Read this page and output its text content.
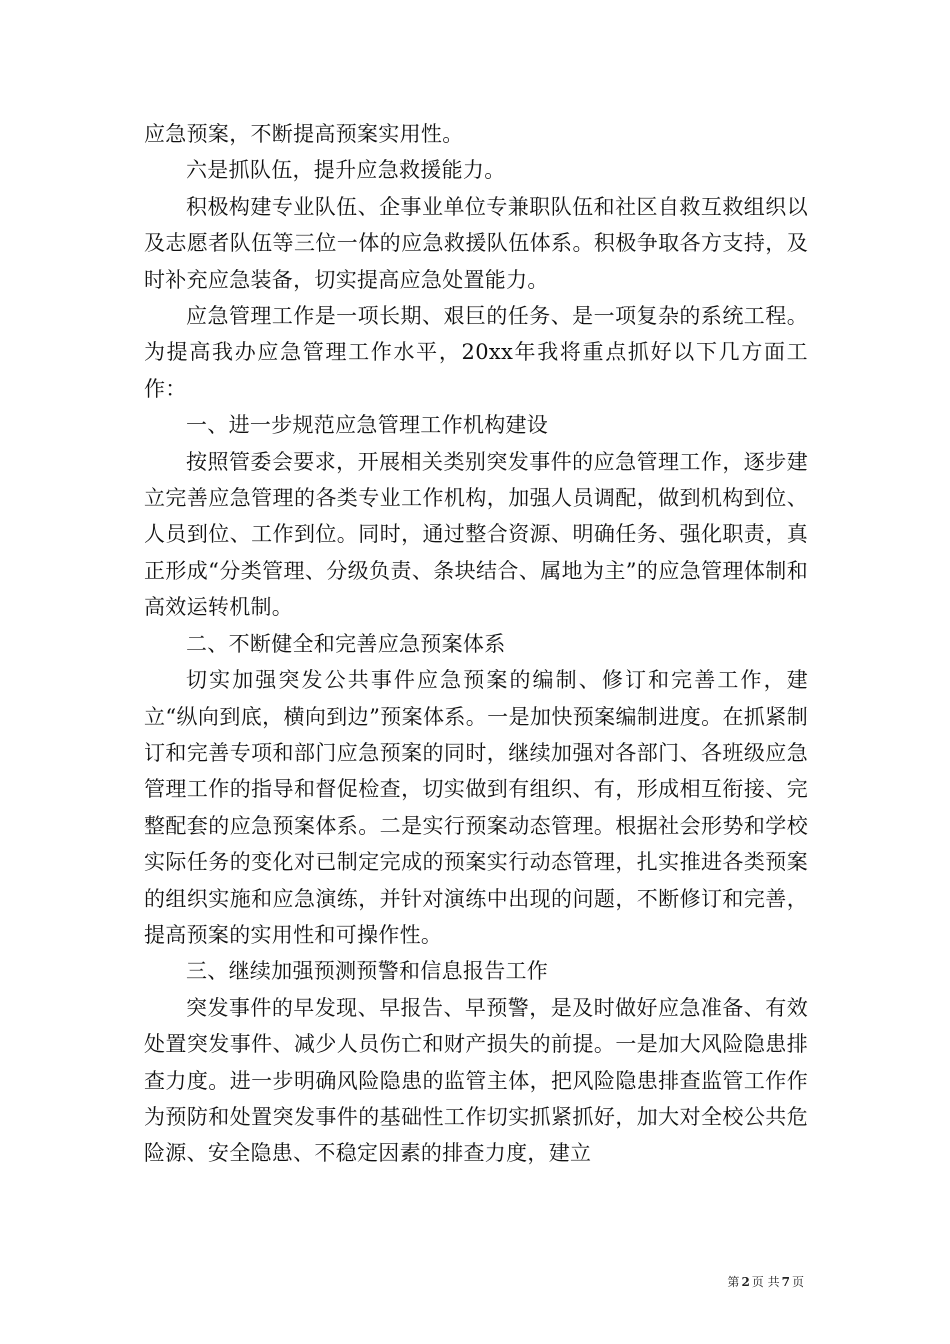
应急预案，不断提高预案实用性。

六是抓队伍，提升应急救援能力。

积极构建专业队伍、企事业单位专兼职队伍和社区自救互救组织以及志愿者队伍等三位一体的应急救援队伍体系。积极争取各方支持，及时补充应急装备，切实提高应急处置能力。

应急管理工作是一项长期、艰巨的任务、是一项复杂的系统工程。为提高我办应急管理工作水平，20xx年我将重点抓好以下几方面工作：

一、进一步规范应急管理工作机构建设

按照管委会要求，开展相关类别突发事件的应急管理工作，逐步建立完善应急管理的各类专业工作机构，加强人员调配，做到机构到位、人员到位、工作到位。同时，通过整合资源、明确任务、强化职责，真正形成“分类管理、分级负责、条块结合、属地为主”的应急管理体制和高效运转机制。

二、不断健全和完善应急预案体系

切实加强突发公共事件应急预案的编制、修订和完善工作，建立“纵向到底，横向到边”预案体系。一是加快预案编制进度。在抓紧制订和完善专项和部门应急预案的同时，继续加强对各部门、各班级应急管理工作的指导和督促检查，切实做到有组织、有，形成相互衔接、完整配套的应急预案体系。二是实行预案动态管理。根据社会形势和学校实际任务的变化对已制定完成的预案实行动态管理，扎实推进各类预案的组织实施和应急演练，并针对演练中出现的问题，不断修订和完善，提高预案的实用性和可操作性。

三、继续加强预测预警和信息报告工作

突发事件的早发现、早报告、早预警，是及时做好应急准备、有效处置突发事件、减少人员伤亡和财产损失的前提。一是加大风险隐患排查力度。进一步明确风险隐患的监管主体，把风险隐患排查监管工作作为预防和处置突发事件的基础性工作切实抓紧抓好，加大对全校公共危险源、安全隐患、不稳定因素的排查力度，建立

第 2 页 共 7 页
